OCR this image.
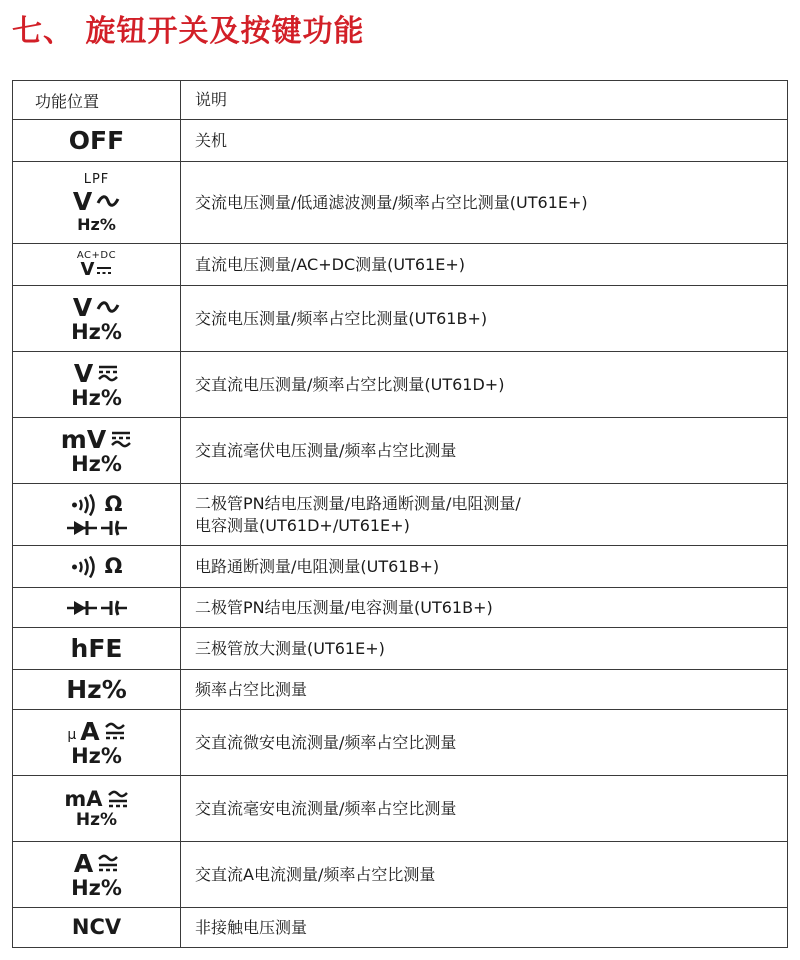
七、 旋钮开关及按键功能
功能位置	说明

OFF	关机

LPF
V
Hz%	交流电压测量/低通滤波测量/频率占空比测量(UT61E+)

AC+DC
V	直流电压测量/AC+DC测量(UT61E+)

V
Hz%	交流电压测量/频率占空比测量(UT61B+)

V
Hz%	交直流电压测量/频率占空比测量(UT61D+)

mV
Hz%	交直流毫伏电压测量/频率占空比测量

Ω	二极管PN结电压测量/电路通断测量/电阻测量/
电容测量(UT61D+/UT61E+)

Ω	电路通断测量/电阻测量(UT61B+)

	二极管PN结电压测量/电容测量(UT61B+)

hFE	三极管放大测量(UT61E+)

Hz%	频率占空比测量

μ A
Hz%	交直流微安电流测量/频率占空比测量

mA
Hz%	交直流毫安电流测量/频率占空比测量

A
Hz%	交直流A电流测量/频率占空比测量

NCV	非接触电压测量
